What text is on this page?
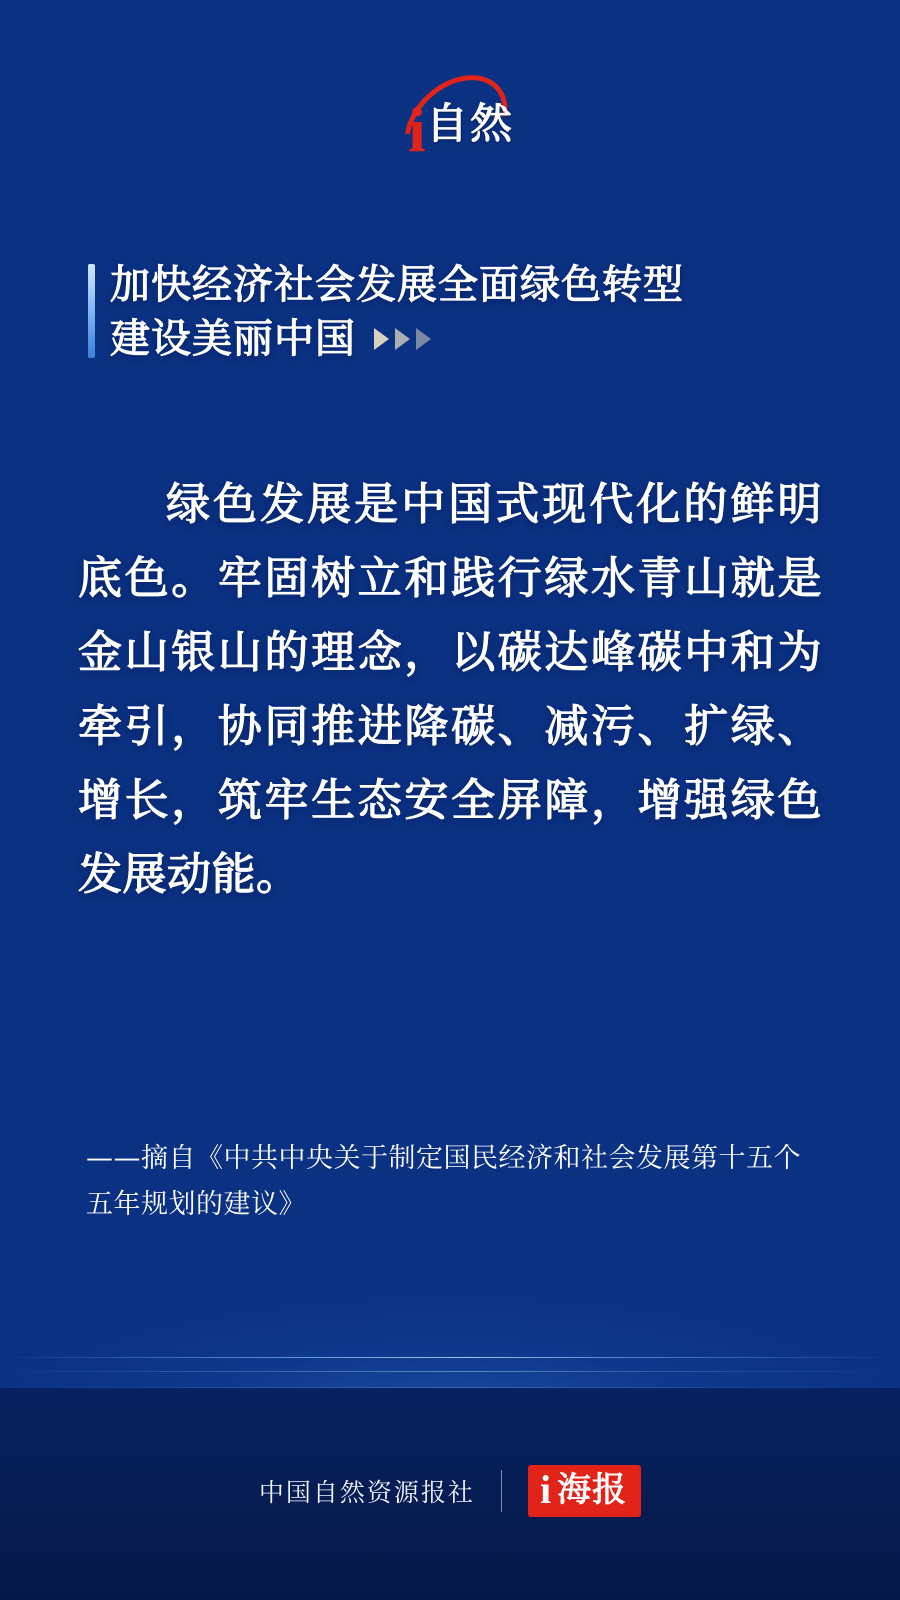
i 自然
加快经济社会发展全面绿色转型
建设美丽中国
绿色发展是中国式现代化的鲜明底色。牢固树立和践行绿水青山就是金山银山的理念，以碳达峰碳中和为牵引，协同推进降碳、减污、扩绿、增长，筑牢生态安全屏障，增强绿色发展动能。
——摘自《中共中央关于制定国民经济和社会发展第十五个五年规划的建议》
中国自然资源报社 i 海报
